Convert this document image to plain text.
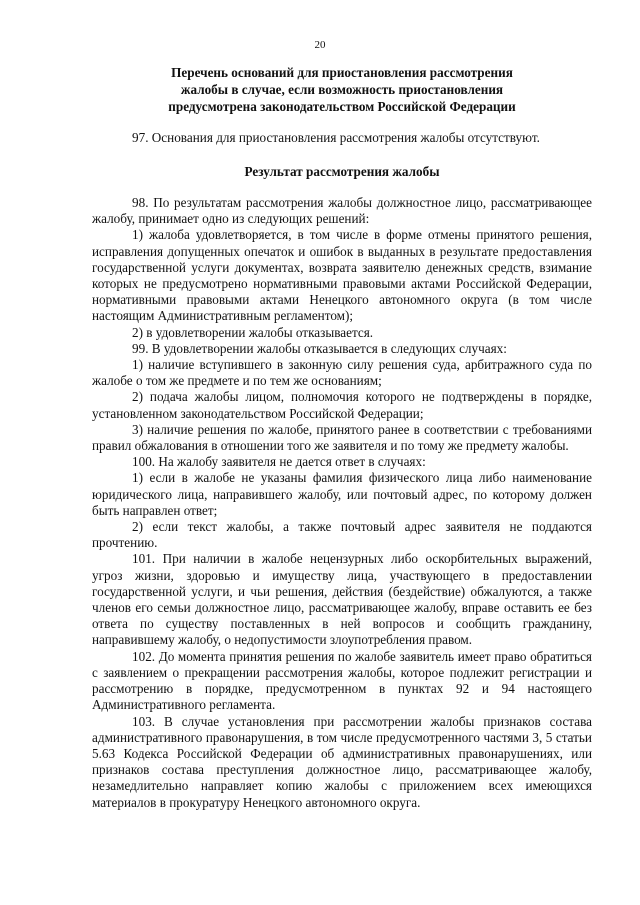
20
Перечень оснований для приостановления рассмотрения
жалобы в случае, если возможность приостановления
предусмотрена законодательством Российской Федерации
97. Основания для приостановления рассмотрения жалобы отсутствуют.
Результат рассмотрения жалобы

98. По результатам рассмотрения жалобы должностное лицо, рассматривающее жалобу, принимает одно из следующих решений:

1) жалоба удовлетворяется, в том числе в форме отмены принятого решения, исправления допущенных опечаток и ошибок в выданных в результате предоставления государственной услуги документах, возврата заявителю денежных средств, взимание которых не предусмотрено нормативными правовыми актами Российской Федерации, нормативными правовыми актами Ненецкого автономного округа (в том числе настоящим Административным регламентом);

2) в удовлетворении жалобы отказывается.

99. В удовлетворении жалобы отказывается в следующих случаях:

1) наличие вступившего в законную силу решения суда, арбитражного суда по жалобе о том же предмете и по тем же основаниям;

2) подача жалобы лицом, полномочия которого не подтверждены в порядке, установленном законодательством Российской Федерации;

3) наличие решения по жалобе, принятого ранее в соответствии с требованиями правил обжалования в отношении того же заявителя и по тому же предмету жалобы.

100. На жалобу заявителя не дается ответ в случаях:

1) если в жалобе не указаны фамилия физического лица либо наименование юридического лица, направившего жалобу, или почтовый адрес, по которому должен быть направлен ответ;

2) если текст жалобы, а также почтовый адрес заявителя не поддаются прочтению.

101. При наличии в жалобе нецензурных либо оскорбительных выражений, угроз жизни, здоровью и имуществу лица, участвующего в предоставлении государственной услуги, и чьи решения, действия (бездействие) обжалуются, а также членов его семьи должностное лицо, рассматривающее жалобу, вправе оставить ее без ответа по существу поставленных в ней вопросов и сообщить гражданину, направившему жалобу, о недопустимости злоупотребления правом.

102. До момента принятия решения по жалобе заявитель имеет право обратиться с заявлением о прекращении рассмотрения жалобы, которое подлежит регистрации и рассмотрению в порядке, предусмотренном в пунктах 92 и 94 настоящего Административного регламента.

103. В случае установления при рассмотрении жалобы признаков состава административного правонарушения, в том числе предусмотренного частями 3, 5 статьи 5.63 Кодекса Российской Федерации об административных правонарушениях, или признаков состава преступления должностное лицо, рассматривающее жалобу, незамедлительно направляет копию жалобы с приложением всех имеющихся материалов в прокуратуру Ненецкого автономного округа.
